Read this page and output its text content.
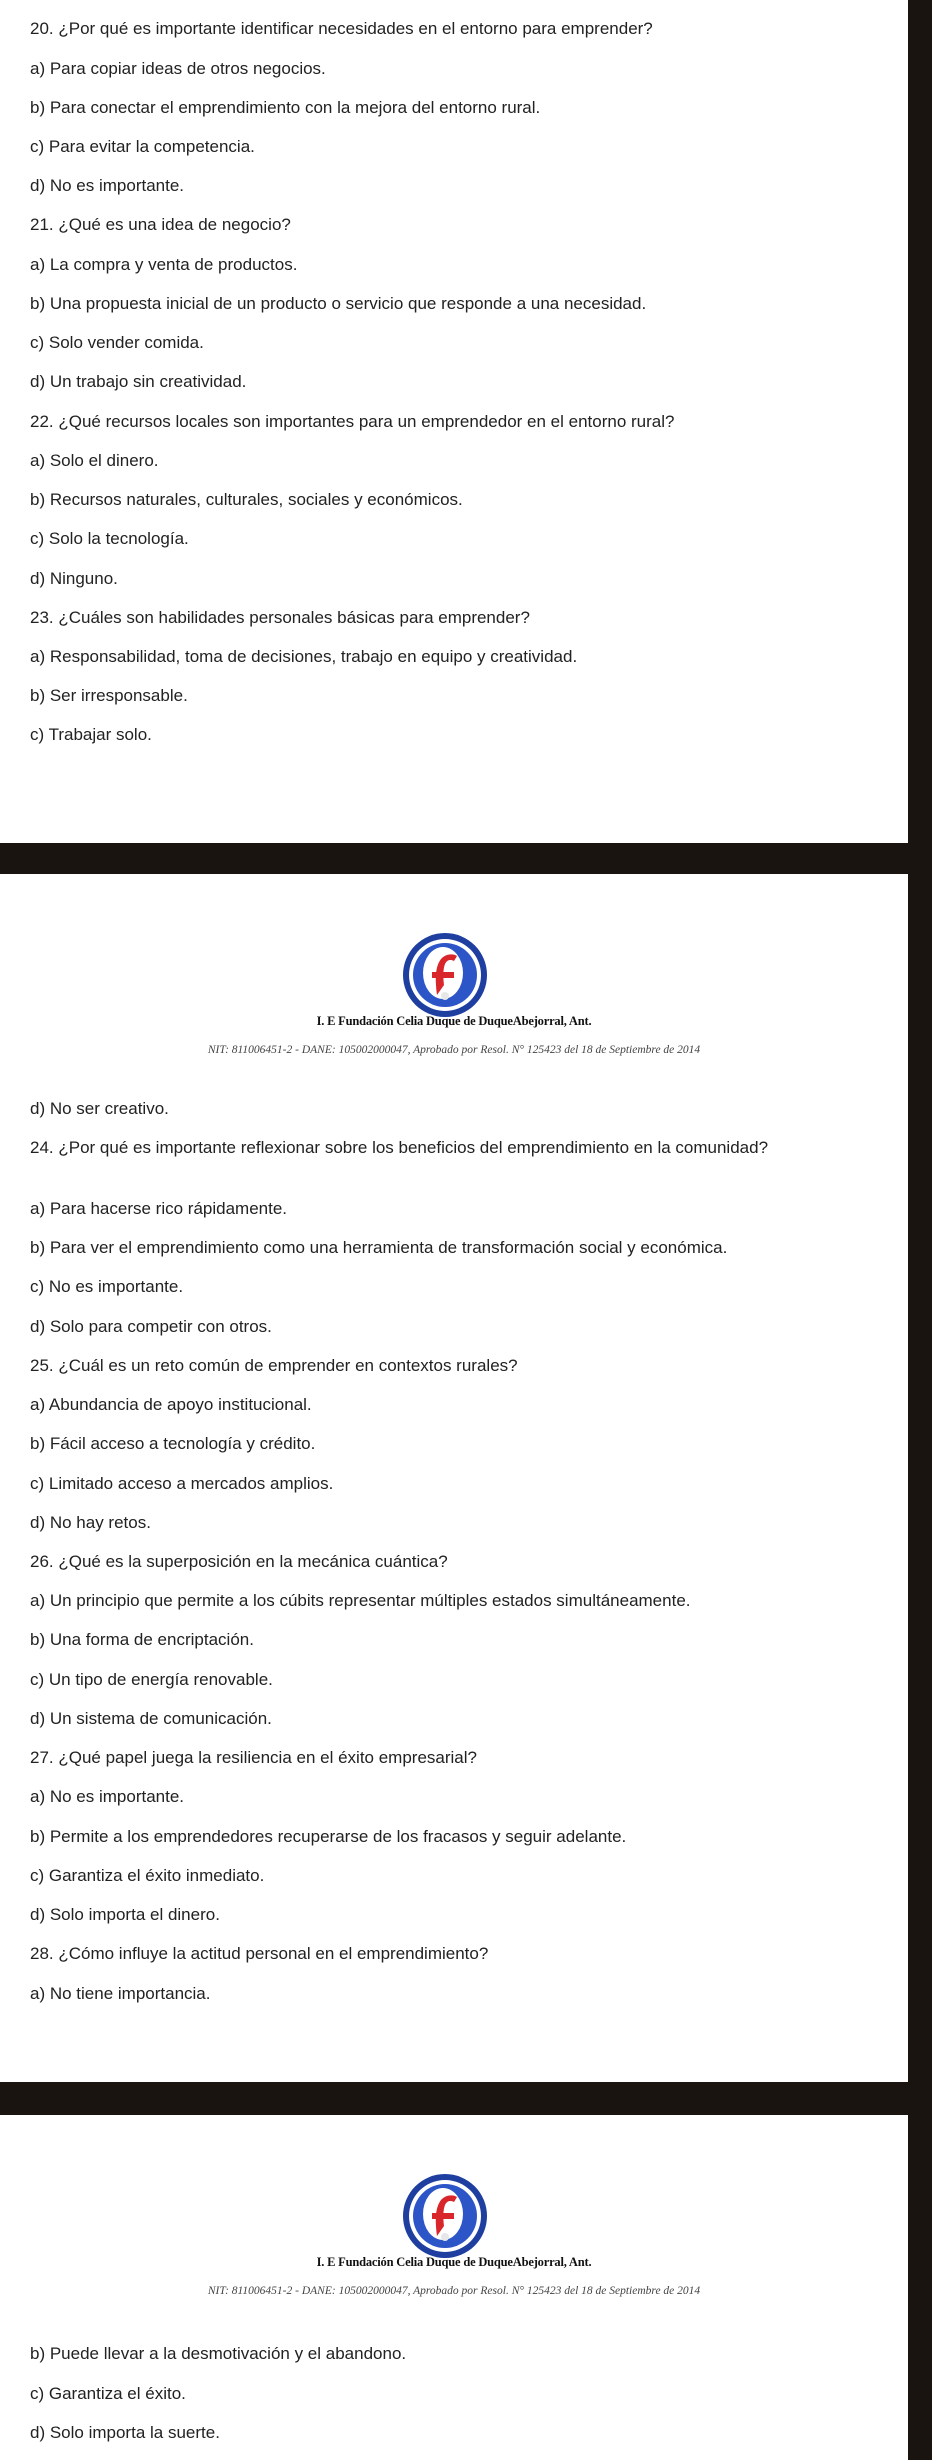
20. ¿Por qué es importante identificar necesidades en el entorno para emprender?
a) Para copiar ideas de otros negocios.
b) Para conectar el emprendimiento con la mejora del entorno rural.
c) Para evitar la competencia.
d) No es importante.
21. ¿Qué es una idea de negocio?
a) La compra y venta de productos.
b) Una propuesta inicial de un producto o servicio que responde a una necesidad.
c) Solo vender comida.
d) Un trabajo sin creatividad.
22. ¿Qué recursos locales son importantes para un emprendedor en el entorno rural?
a) Solo el dinero.
b) Recursos naturales, culturales, sociales y económicos.
c) Solo la tecnología.
d) Ninguno.
23. ¿Cuáles son habilidades personales básicas para emprender?
a) Responsabilidad, toma de decisiones, trabajo en equipo y creatividad.
b) Ser irresponsable.
c) Trabajar solo.
I. E Fundación Celia Duque de DuqueAbejorral, Ant.
NIT: 811006451-2 - DANE: 105002000047, Aprobado por Resol. N° 125423 del 18 de Septiembre de 2014
d) No ser creativo.
24. ¿Por qué es importante reflexionar sobre los beneficios del emprendimiento en la comunidad?
a) Para hacerse rico rápidamente.
b) Para ver el emprendimiento como una herramienta de transformación social y económica.
c) No es importante.
d) Solo para competir con otros.
25. ¿Cuál es un reto común de emprender en contextos rurales?
a) Abundancia de apoyo institucional.
b) Fácil acceso a tecnología y crédito.
c) Limitado acceso a mercados amplios.
d) No hay retos.
26. ¿Qué es la superposición en la mecánica cuántica?
a) Un principio que permite a los cúbits representar múltiples estados simultáneamente.
b) Una forma de encriptación.
c) Un tipo de energía renovable.
d) Un sistema de comunicación.
27. ¿Qué papel juega la resiliencia en el éxito empresarial?
a) No es importante.
b) Permite a los emprendedores recuperarse de los fracasos y seguir adelante.
c) Garantiza el éxito inmediato.
d) Solo importa el dinero.
28. ¿Cómo influye la actitud personal en el emprendimiento?
a) No tiene importancia.
I. E Fundación Celia Duque de DuqueAbejorral, Ant.
NIT: 811006451-2 - DANE: 105002000047, Aprobado por Resol. N° 125423 del 18 de Septiembre de 2014
b) Puede llevar a la desmotivación y el abandono.
c) Garantiza el éxito.
d) Solo importa la suerte.
